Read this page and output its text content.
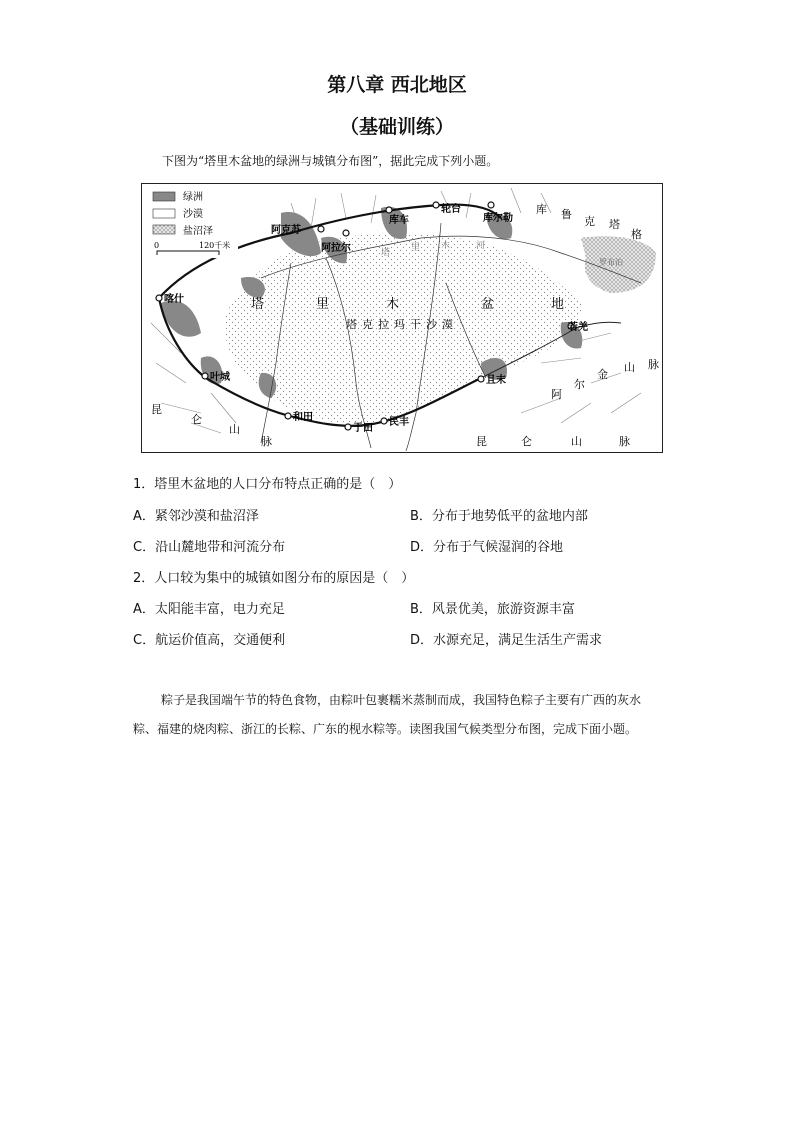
第八章 西北地区
（基础训练）
下图为“塔里木盆地的绿洲与城镇分布图”，据此完成下列小题。
绿洲
沙漠
盐沼泽
0	120千米
阿克苏
库车
轮台
库尔勒
阿拉尔
喀什
叶城
和田
于田
民丰
且末
若羌
塔	里	木	盆	地
塔克拉玛干沙漠
库 鲁
克 塔
格
塔 里 木	河
昆
仑
山
脉	昆	仑	山	脉
阿
尔
金
山 脉
罗布泊
1．塔里木盆地的人口分布特点正确的是（　）
A．紧邻沙漠和盐沼泽	B．分布于地势低平的盆地内部
C．沿山麓地带和河流分布	D．分布于气候湿润的谷地
2．人口较为集中的城镇如图分布的原因是（　）
A．太阳能丰富，电力充足	B．风景优美，旅游资源丰富
C．航运价值高，交通便利	D．水源充足，满足生活生产需求
粽子是我国端午节的特色食物，由粽叶包裹糯米蒸制而成，我国特色粽子主要有广西的灰水粽、福建的烧肉粽、浙江的长粽、广东的枧水粽等。读图我国气候类型分布图，完成下面小题。
